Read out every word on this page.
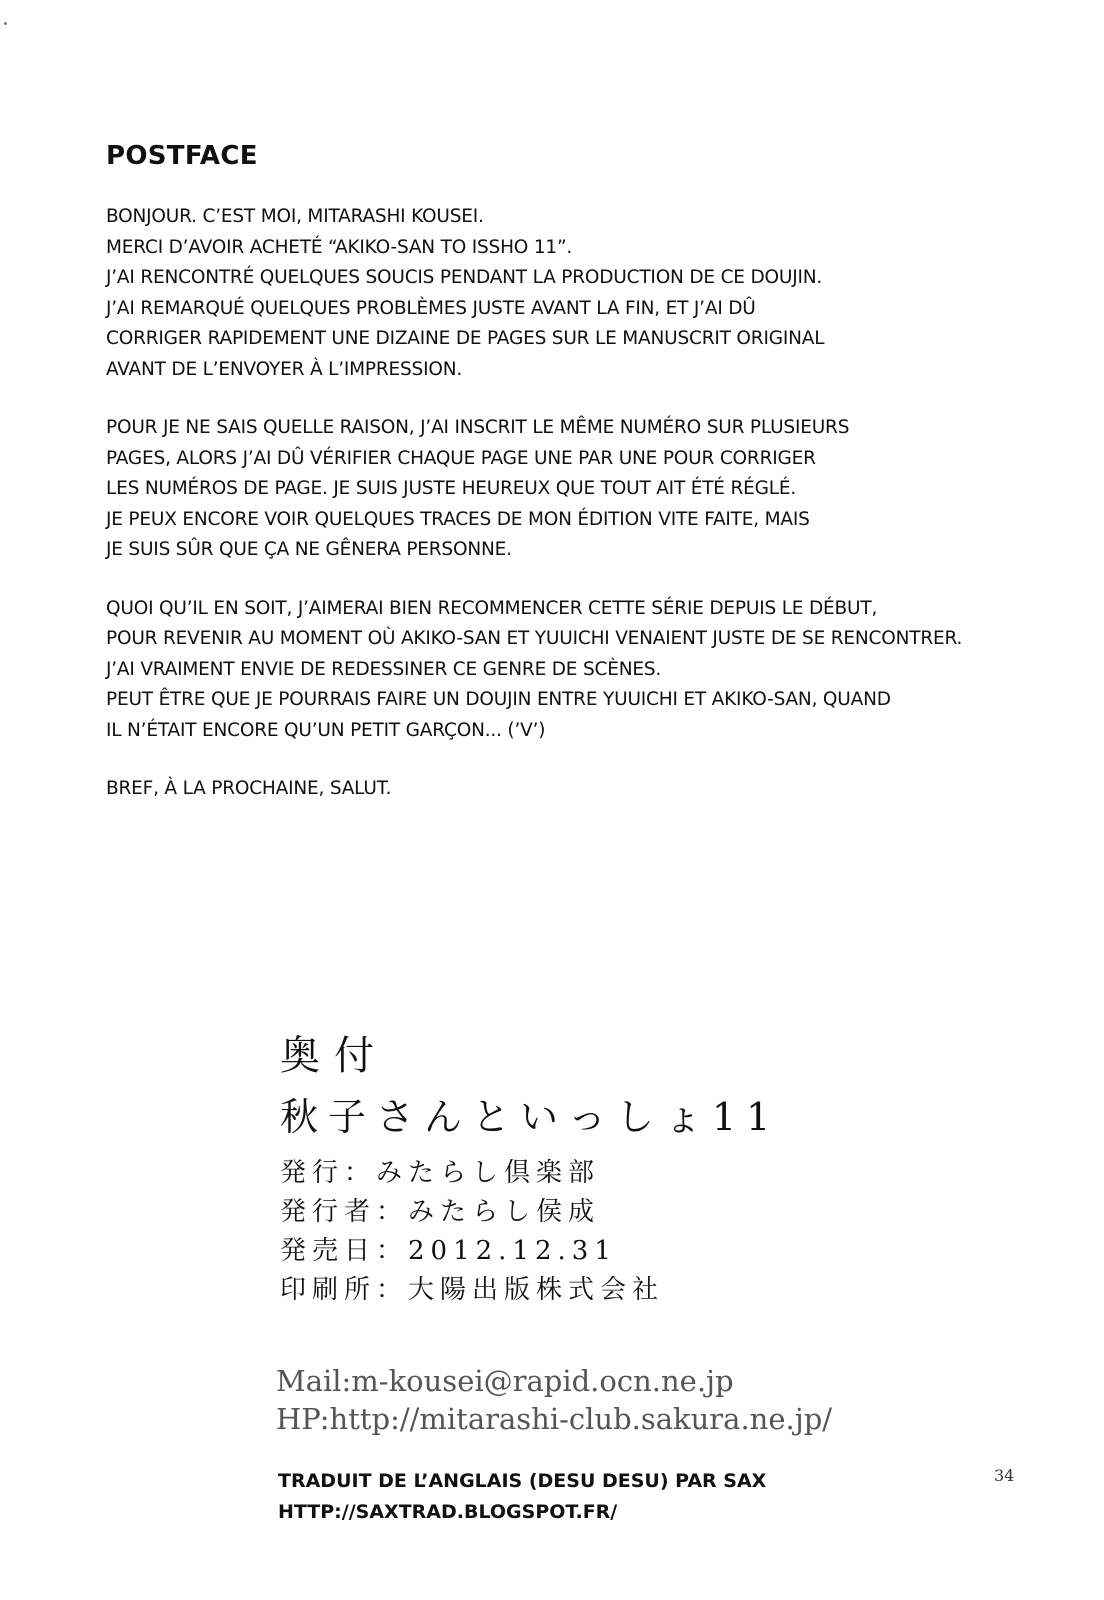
POSTFACE
BONJOUR. C’EST MOI, MITARASHI KOUSEI.
MERCI D’AVOIR ACHETÉ “AKIKO-SAN TO ISSHO 11”.
J’AI RENCONTRÉ QUELQUES SOUCIS PENDANT LA PRODUCTION DE CE DOUJIN.
J’AI REMARQUÉ QUELQUES PROBLÈMES JUSTE AVANT LA FIN, ET J’AI DÛ
CORRIGER RAPIDEMENT UNE DIZAINE DE PAGES SUR LE MANUSCRIT ORIGINAL
AVANT DE L’ENVOYER À L’IMPRESSION.
POUR JE NE SAIS QUELLE RAISON, J’AI INSCRIT LE MÊME NUMÉRO SUR PLUSIEURS
PAGES, ALORS J’AI DÛ VÉRIFIER CHAQUE PAGE UNE PAR UNE POUR CORRIGER
LES NUMÉROS DE PAGE. JE SUIS JUSTE HEUREUX QUE TOUT AIT ÉTÉ RÉGLÉ.
JE PEUX ENCORE VOIR QUELQUES TRACES DE MON ÉDITION VITE FAITE, MAIS
JE SUIS SÛR QUE ÇA NE GÊNERA PERSONNE.
QUOI QU’IL EN SOIT, J’AIMERAI BIEN RECOMMENCER CETTE SÉRIE DEPUIS LE DÉBUT,
POUR REVENIR AU MOMENT OÙ AKIKO-SAN ET YUUICHI VENAIENT JUSTE DE SE RENCONTRER.
J’AI VRAIMENT ENVIE DE REDESSINER CE GENRE DE SCÈNES.
PEUT ÊTRE QUE JE POURRAIS FAIRE UN DOUJIN ENTRE YUUICHI ET AKIKO-SAN, QUAND
IL N’ÉTAIT ENCORE QU’UN PETIT GARÇON... (’V’)
BREF, À LA PROCHAINE, SALUT.
奥付
秋子さんといっしょ11
発行：みたらし倶楽部
発行者：みたらし侯成
発売日：2012.12.31
印刷所：大陽出版株式会社
Mail:m-kousei@rapid.ocn.ne.jp
HP:http://mitarashi-club.sakura.ne.jp/
TRADUIT DE L’ANGLAIS (DESU DESU) PAR SAX
HTTP://SAXTRAD.BLOGSPOT.FR/
34
